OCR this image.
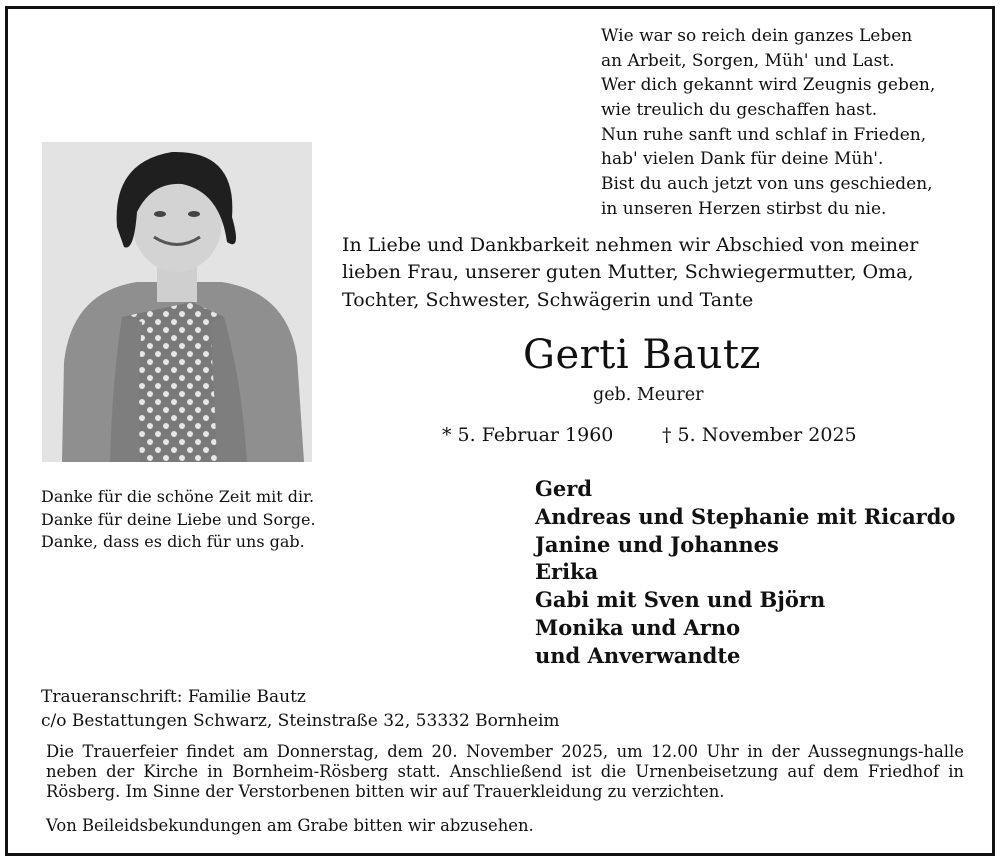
Wie war so reich dein ganzes Leben
an Arbeit, Sorgen, Müh' und Last.
Wer dich gekannt wird Zeugnis geben,
wie treulich du geschaffen hast.
Nun ruhe sanft und schlaf in Frieden,
hab' vielen Dank für deine Müh'.
Bist du auch jetzt von uns geschieden,
in unseren Herzen stirbst du nie.
In Liebe und Dankbarkeit nehmen wir Abschied von meiner
lieben Frau, unserer guten Mutter, Schwiegermutter, Oma,
Tochter, Schwester, Schwägerin und Tante
Gerti Bautz
geb. Meurer
* 5. Februar 1960	† 5. November 2025
Gerd
Andreas und Stephanie mit Ricardo
Janine und Johannes
Erika
Gabi mit Sven und Björn
Monika und Arno
und Anverwandte
Danke für die schöne Zeit mit dir.
Danke für deine Liebe und Sorge.
Danke, dass es dich für uns gab.
Traueranschrift: Familie Bautz
c/o Bestattungen Schwarz, Steinstraße 32, 53332 Bornheim
Die Trauerfeier findet am Donnerstag, dem 20. November 2025, um 12.00 Uhr in der Aussegnungs-halle neben der Kirche in Bornheim-Rösberg statt. Anschließend ist die Urnenbeisetzung auf dem Friedhof in Rösberg. Im Sinne der Verstorbenen bitten wir auf Trauerkleidung zu verzichten.
Von Beileidsbekundungen am Grabe bitten wir abzusehen.
